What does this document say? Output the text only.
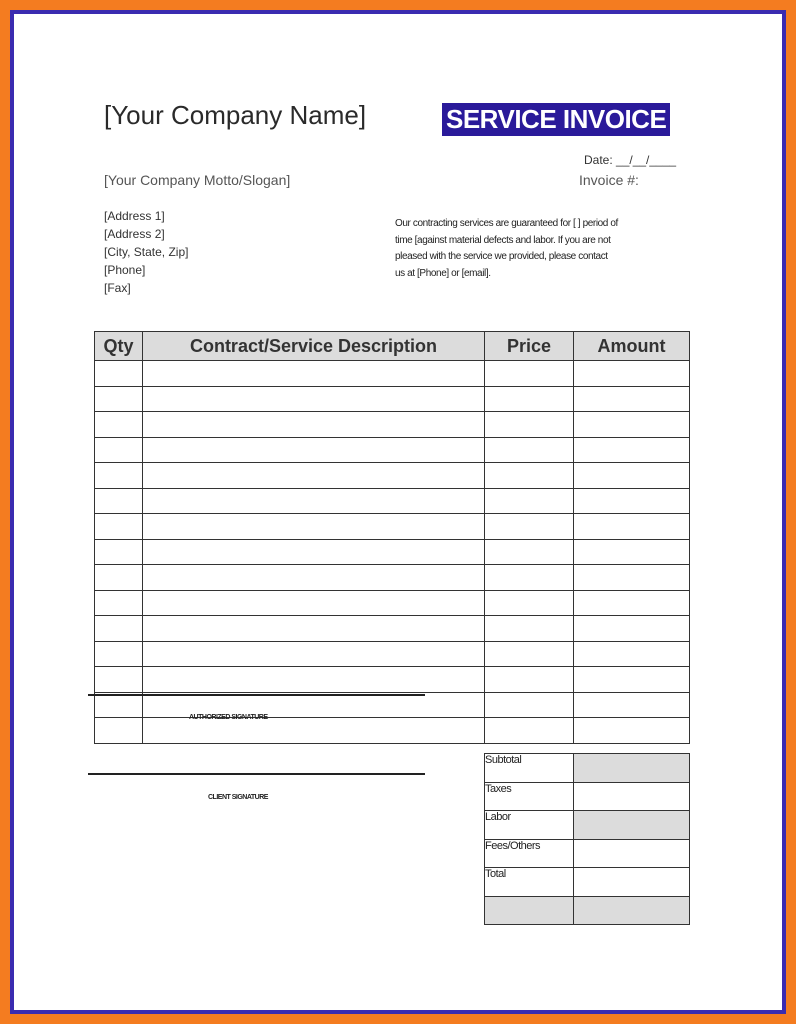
[Your Company Name]	SERVICE INVOICE
[Your Company Motto/Slogan]
Date: __/__/____
Invoice #:
[Address 1]
[Address 2]
[City, State, Zip]
[Phone]
[Fax]
Our contracting services are guaranteed for [ ] period of
time [against material defects and labor. If you are not
pleased with the service we provided, please contact
us at [Phone] or [email].
Qty	Contract/Service Description	Price	Amount

Subtotal	
Taxes	
Labor	
Fees/Others	
Total	

AUTHORIZED SIGNATURE
CLIENT SIGNATURE
